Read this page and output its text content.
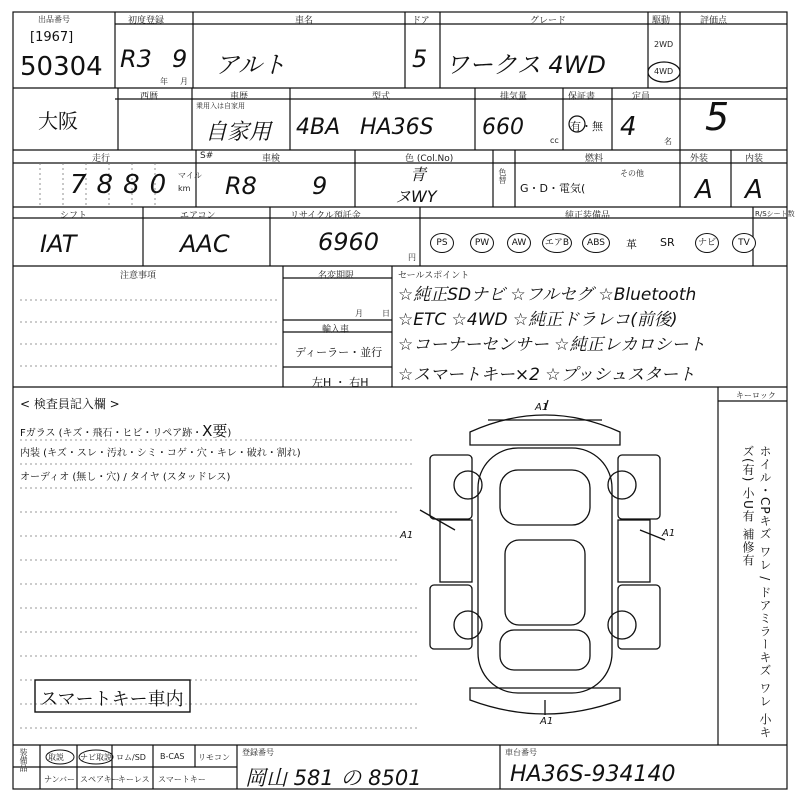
出品番号
[1967]
50304
初度登録
R3 9
年 月
車名
アルト
ドア
5
グレード
ワークス 4WD
駆動
2WD
4WD
評価点
5
大阪
西暦	車歴
乗用入は自家用
自家用
型式
4BA HA36S
排気量
660
cc
保証書
有・無
定員
4	名
走行
7880 マイル
km
S#	車検
R8 9
色 (Col.No)
青
ヌWY
色替
燃料
G・D・電気(
その他
外装
A
内装
A
シフト
IAT
エアコン
AAC
リサイクル預託金
6960
円
純正装備品	R/Sシート数
PS	PW	AW	エアB	ABS	革 SR	ナビ	TV
注意事項	名変期限
月 日
輸入車
ディーラー・並行
左H ・ 右H
セールスポイント
☆純正SDナビ ☆フルセグ ☆Bluetooth
☆ETC ☆4WD ☆純正ドラレコ(前後)
☆コーナーセンサー ☆純正レカロシート
☆スマートキー×2 ☆プッシュスタート
< 検査員記入欄 >
Fガラス (キズ・飛石・ヒビ・リペア跡・X要)
内装 (キズ・スレ・汚れ・シミ・コゲ・穴・キレ・破れ・割れ)
オーディオ (無し・穴) / タイヤ (スタッドレス)
スマートキー車内
キーロック
A1
A1	A1
A1	ホイル・CPキズ ワレ / ドアミラーキズ ワレ 小キズ(有) 小U有 補修有
装備品	取説 ナビ取説 ロム/SD B-CAS リモコン
ナンバー スペアキー
キーレス スマートキー
登録番号
岡山 581 の 8501
車台番号
HA36S-934140
